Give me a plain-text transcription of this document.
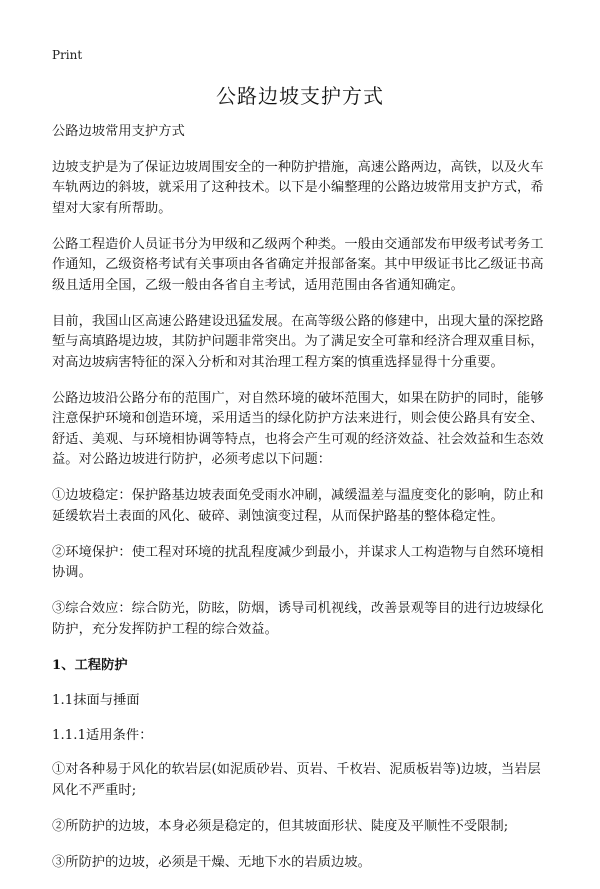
Print
公路边坡支护方式

公路边坡常用支护方式

边坡支护是为了保证边坡周围安全的一种防护措施，高速公路两边，高铁，以及火车车轨两边的斜坡，就采用了这种技术。以下是小编整理的公路边坡常用支护方式，希望对大家有所帮助。

公路工程造价人员证书分为甲级和乙级两个种类。一般由交通部发布甲级考试考务工作通知，乙级资格考试有关事项由各省确定并报部备案。其中甲级证书比乙级证书高级且适用全国，乙级一般由各省自主考试，适用范围由各省通知确定。

目前，我国山区高速公路建设迅猛发展。在高等级公路的修建中，出现大量的深挖路堑与高填路堤边坡，其防护问题非常突出。为了满足安全可靠和经济合理双重目标，对高边坡病害特征的深入分析和对其治理工程方案的慎重选择显得十分重要。

公路边坡沿公路分布的范围广，对自然环境的破坏范围大，如果在防护的同时，能够注意保护环境和创造环境，采用适当的绿化防护方法来进行，则会使公路具有安全、舒适、美观、与环境相协调等特点，也将会产生可观的经济效益、社会效益和生态效益。对公路边坡进行防护，必须考虑以下问题：

①边坡稳定：保护路基边坡表面免受雨水冲刷，减缓温差与温度变化的影响，防止和延缓软岩土表面的风化、破碎、剥蚀演变过程，从而保护路基的整体稳定性。

②环境保护：使工程对环境的扰乱程度减少到最小，并谋求人工构造物与自然环境相协调。

③综合效应：综合防光，防眩，防烟，诱导司机视线，改善景观等目的进行边坡绿化防护，充分发挥防护工程的综合效益。

1、工程防护

1.1抹面与捶面

1.1.1适用条件：

①对各种易于风化的软岩层(如泥质砂岩、页岩、千枚岩、泥质板岩等)边坡，当岩层风化不严重时;

②所防护的边坡，本身必须是稳定的，但其坡面形状、陡度及平顺性不受限制;

③所防护的边坡，必须是干燥、无地下水的岩质边坡。
